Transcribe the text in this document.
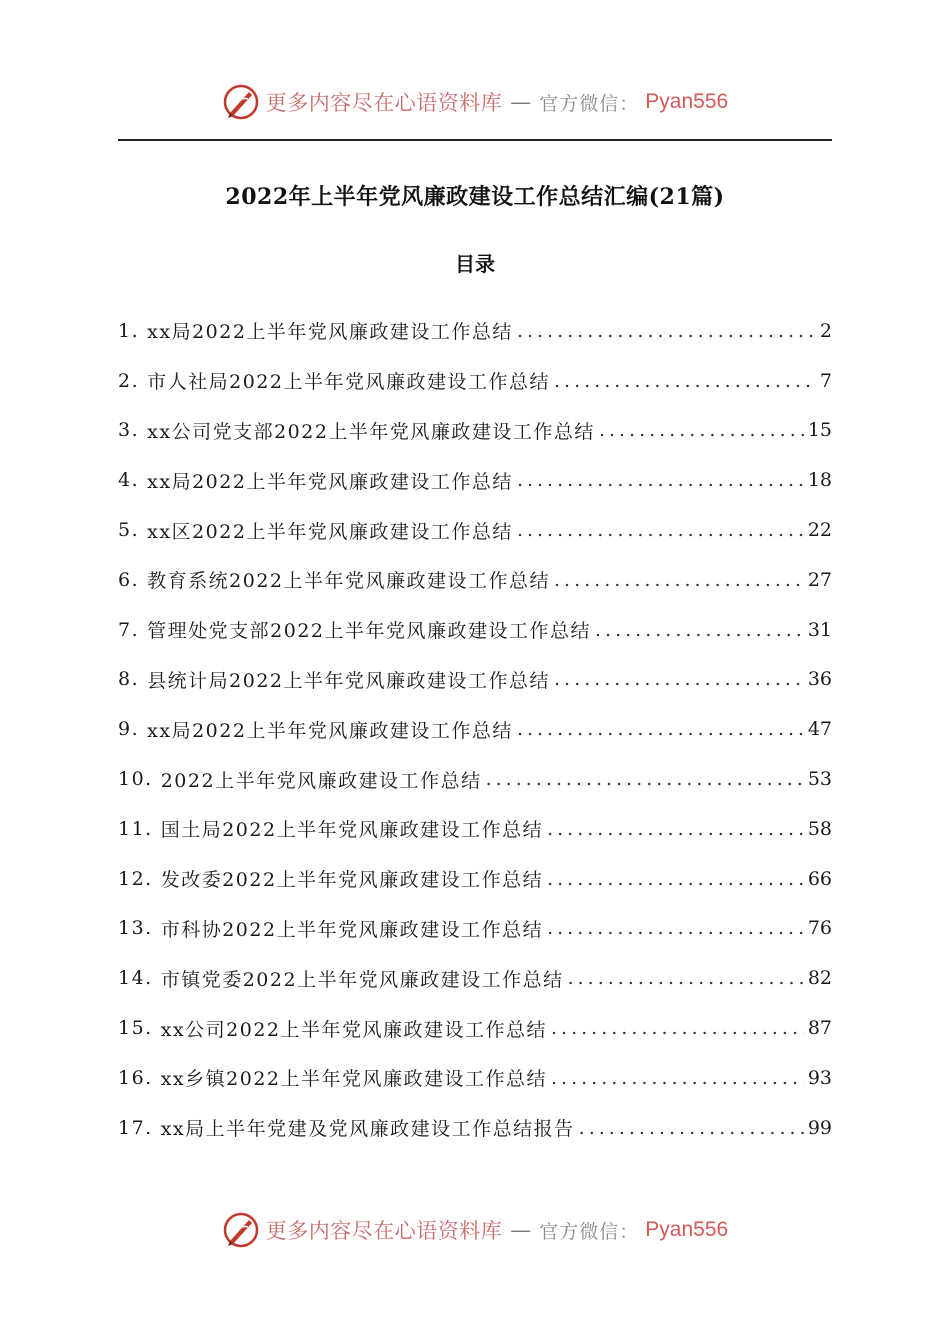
更多内容尽在心语资料库 — 官方微信： Pyan556
2022年上半年党风廉政建设工作总结汇编(21篇)
目录
1. xx局2022上半年党风廉政建设工作总结 .....	2
2. 市人社局2022上半年党风廉政建设工作总结 .....	7
3. xx公司党支部2022上半年党风廉政建设工作总结 .....	15
4. xx局2022上半年党风廉政建设工作总结 .....	18
5. xx区2022上半年党风廉政建设工作总结 .....	22
6. 教育系统2022上半年党风廉政建设工作总结 .....	27
7. 管理处党支部2022上半年党风廉政建设工作总结 .....	31
8. 县统计局2022上半年党风廉政建设工作总结 .....	36
9. xx局2022上半年党风廉政建设工作总结 .....	47
10. 2022上半年党风廉政建设工作总结 .....	53
11. 国土局2022上半年党风廉政建设工作总结 .....	58
12. 发改委2022上半年党风廉政建设工作总结 .....	66
13. 市科协2022上半年党风廉政建设工作总结 .....	76
14. 市镇党委2022上半年党风廉政建设工作总结 .....	82
15. xx公司2022上半年党风廉政建设工作总结 .....	87
16. xx乡镇2022上半年党风廉政建设工作总结 .....	93
17. xx局上半年党建及党风廉政建设工作总结报告 .....	99
更多内容尽在心语资料库 — 官方微信： Pyan556
